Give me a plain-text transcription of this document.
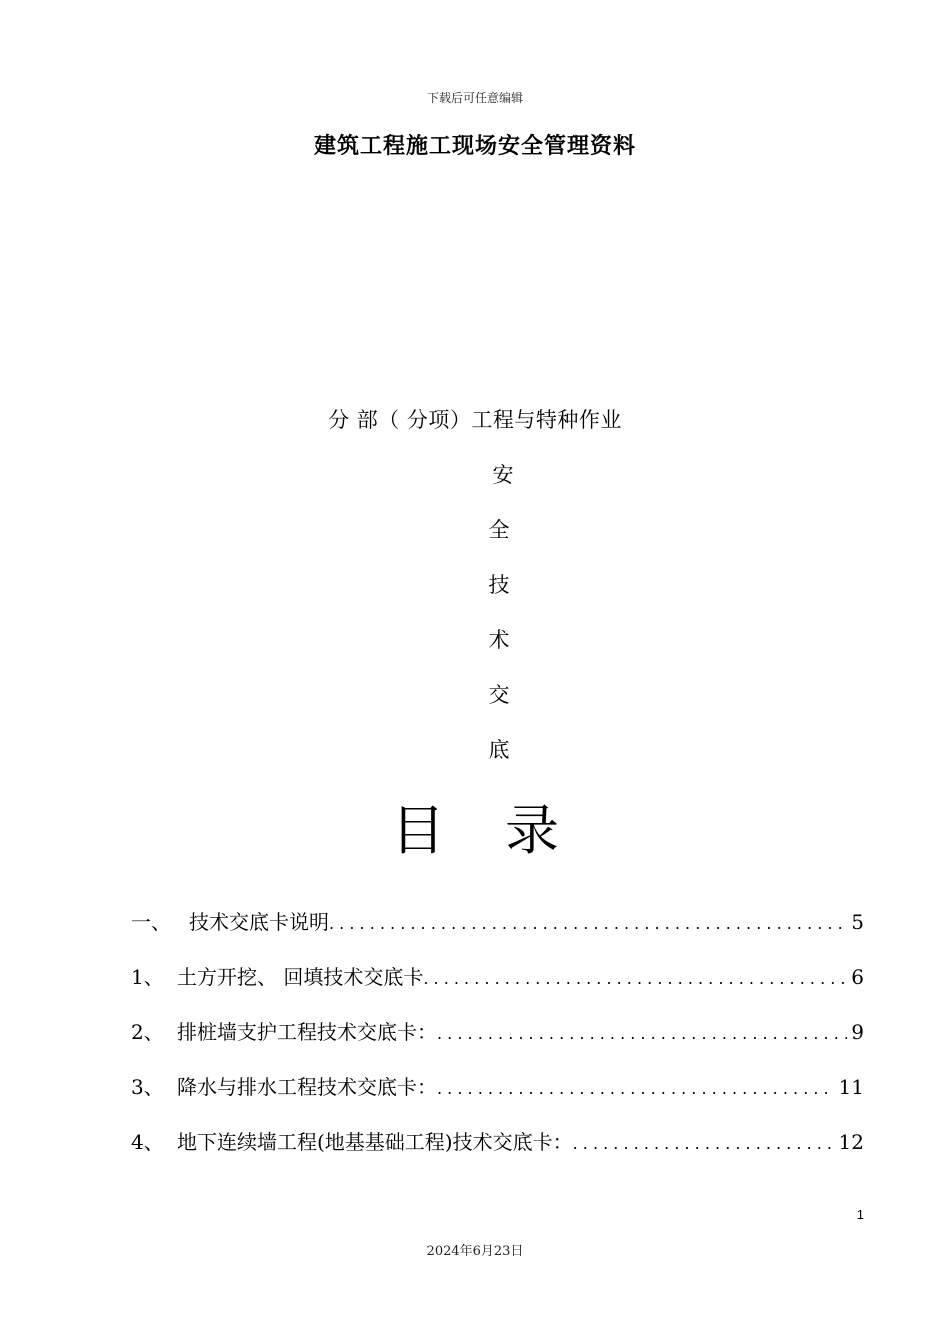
下载后可任意编辑
建筑工程施工现场安全管理资料
分 部（ 分项）工程与特种作业
安
全
技
术
交
底
目 录
一、 技术交底卡说明 . . .	5
1、 土方开挖、 回填技术交底卡 . . .	6
2、 排桩墙支护工程技术交底卡： . . .	9
3、 降水与排水工程技术交底卡： . . .	11
4、 地下连续墙工程(地基基础工程)技术交底卡： . . .	12
1
2024年6月23日
